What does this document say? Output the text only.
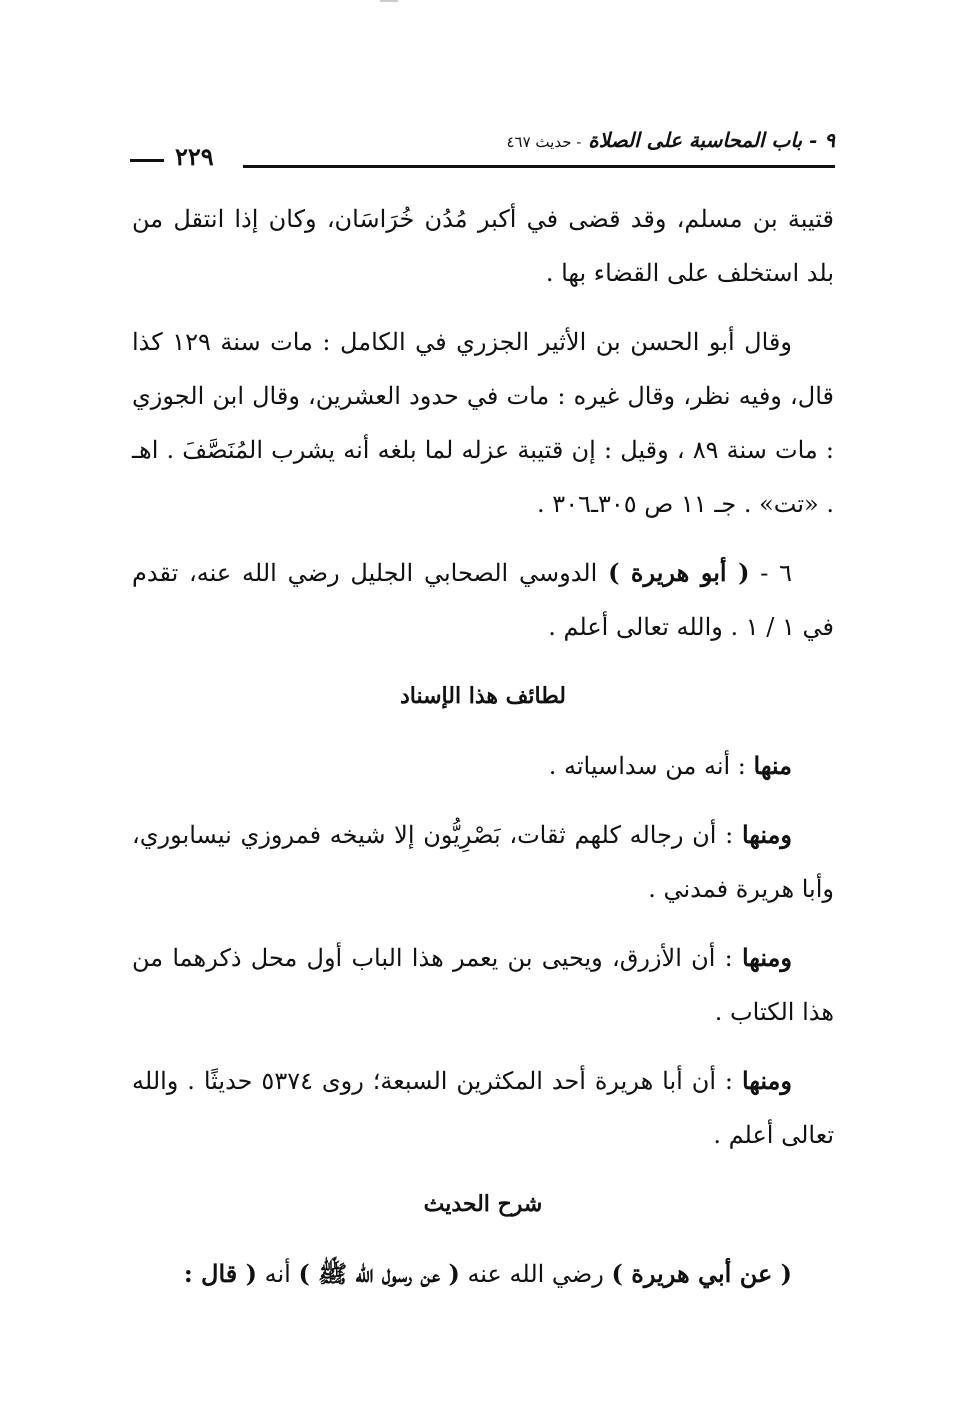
٩ - باب المحاسبة على الصلاة - حديث ٤٦٧
٢٢٩

قتيبة بن مسلم، وقد قضى في أكبر مُدُن خُرَاسَان، وكان إذا انتقل من بلد استخلف على القضاء بها .

وقال أبو الحسن بن الأثير الجزري في الكامل : مات سنة ١٢٩ كذا قال، وفيه نظر، وقال غيره : مات في حدود العشرين، وقال ابن الجوزي : مات سنة ٨٩ ، وقيل : إن قتيبة عزله لما بلغه أنه يشرب المُنَصَّفَ . اهـ . «تت» . جـ ١١ ص ٣٠٥ـ٣٠٦ .

٦ - ( أبو هريرة ) الدوسي الصحابي الجليل رضي الله عنه، تقدم في ١ / ١ . والله تعالى أعلم .

لطائف هذا الإسناد

منها : أنه من سداسياته .

ومنها : أن رجاله كلهم ثقات، بَصْرِيُّون إلا شيخه فمروزي نيسابوري، وأبا هريرة فمدني .

ومنها : أن الأزرق، ويحيى بن يعمر هذا الباب أول محل ذكرهما من هذا الكتاب .

ومنها : أن أبا هريرة أحد المكثرين السبعة؛ روى ٥٣٧٤ حديثًا . والله تعالى أعلم .

شرح الحديث

( عن أبي هريرة ) رضي الله عنه ( عن رسول الله ﷺ ) أنه ( قال :
